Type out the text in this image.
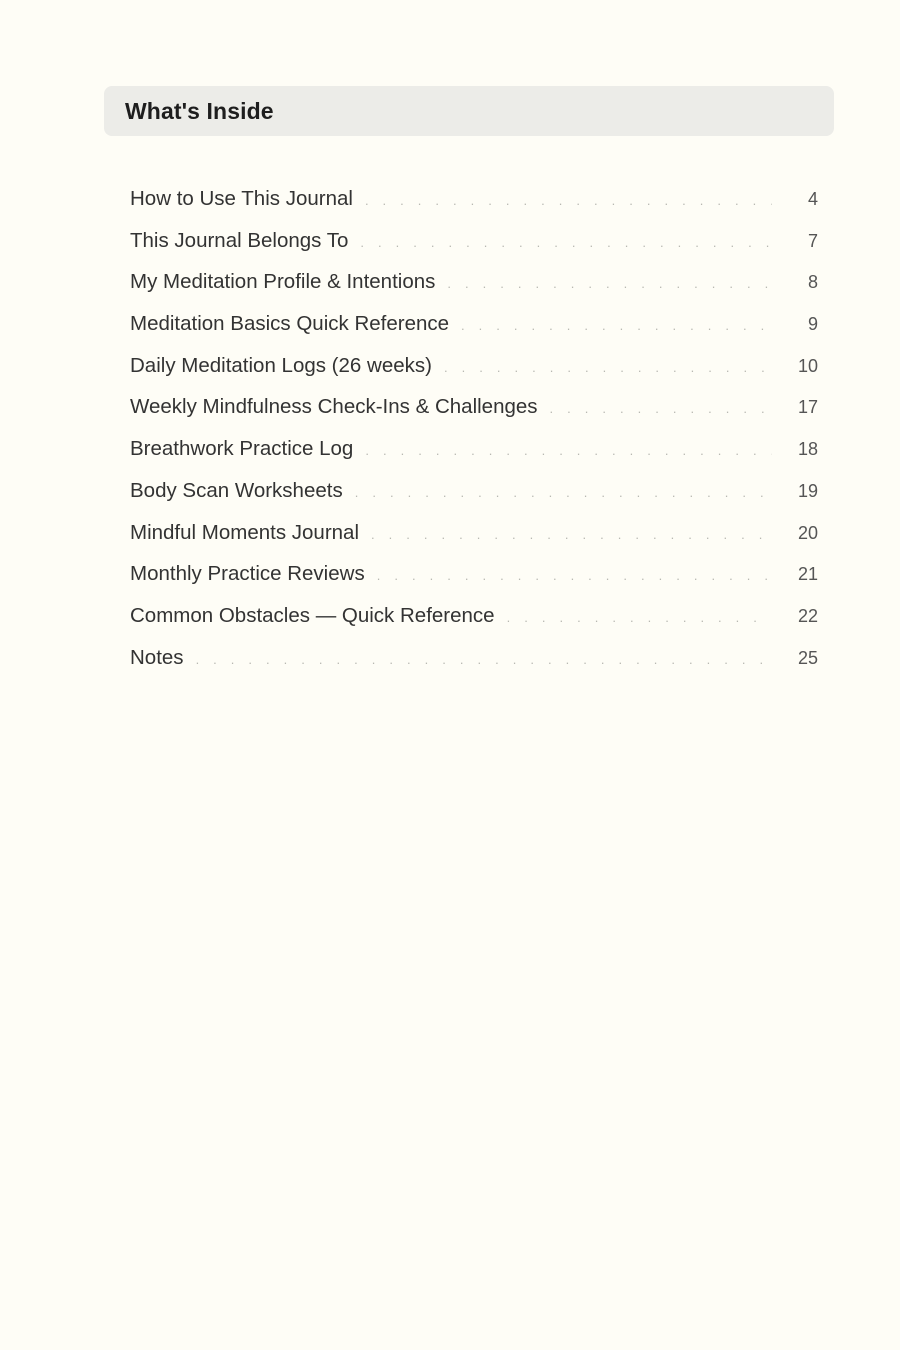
What's Inside
How to Use This Journal . . .	4
This Journal Belongs To . . .	7
My Meditation Profile & Intentions . . .	8
Meditation Basics Quick Reference . . .	9
Daily Meditation Logs (26 weeks) . . .	10
Weekly Mindfulness Check-Ins & Challenges . . .	17
Breathwork Practice Log . . .	18
Body Scan Worksheets . . .	19
Mindful Moments Journal . . .	20
Monthly Practice Reviews . . .	21
Common Obstacles — Quick Reference . . .	22
Notes . . .	25
